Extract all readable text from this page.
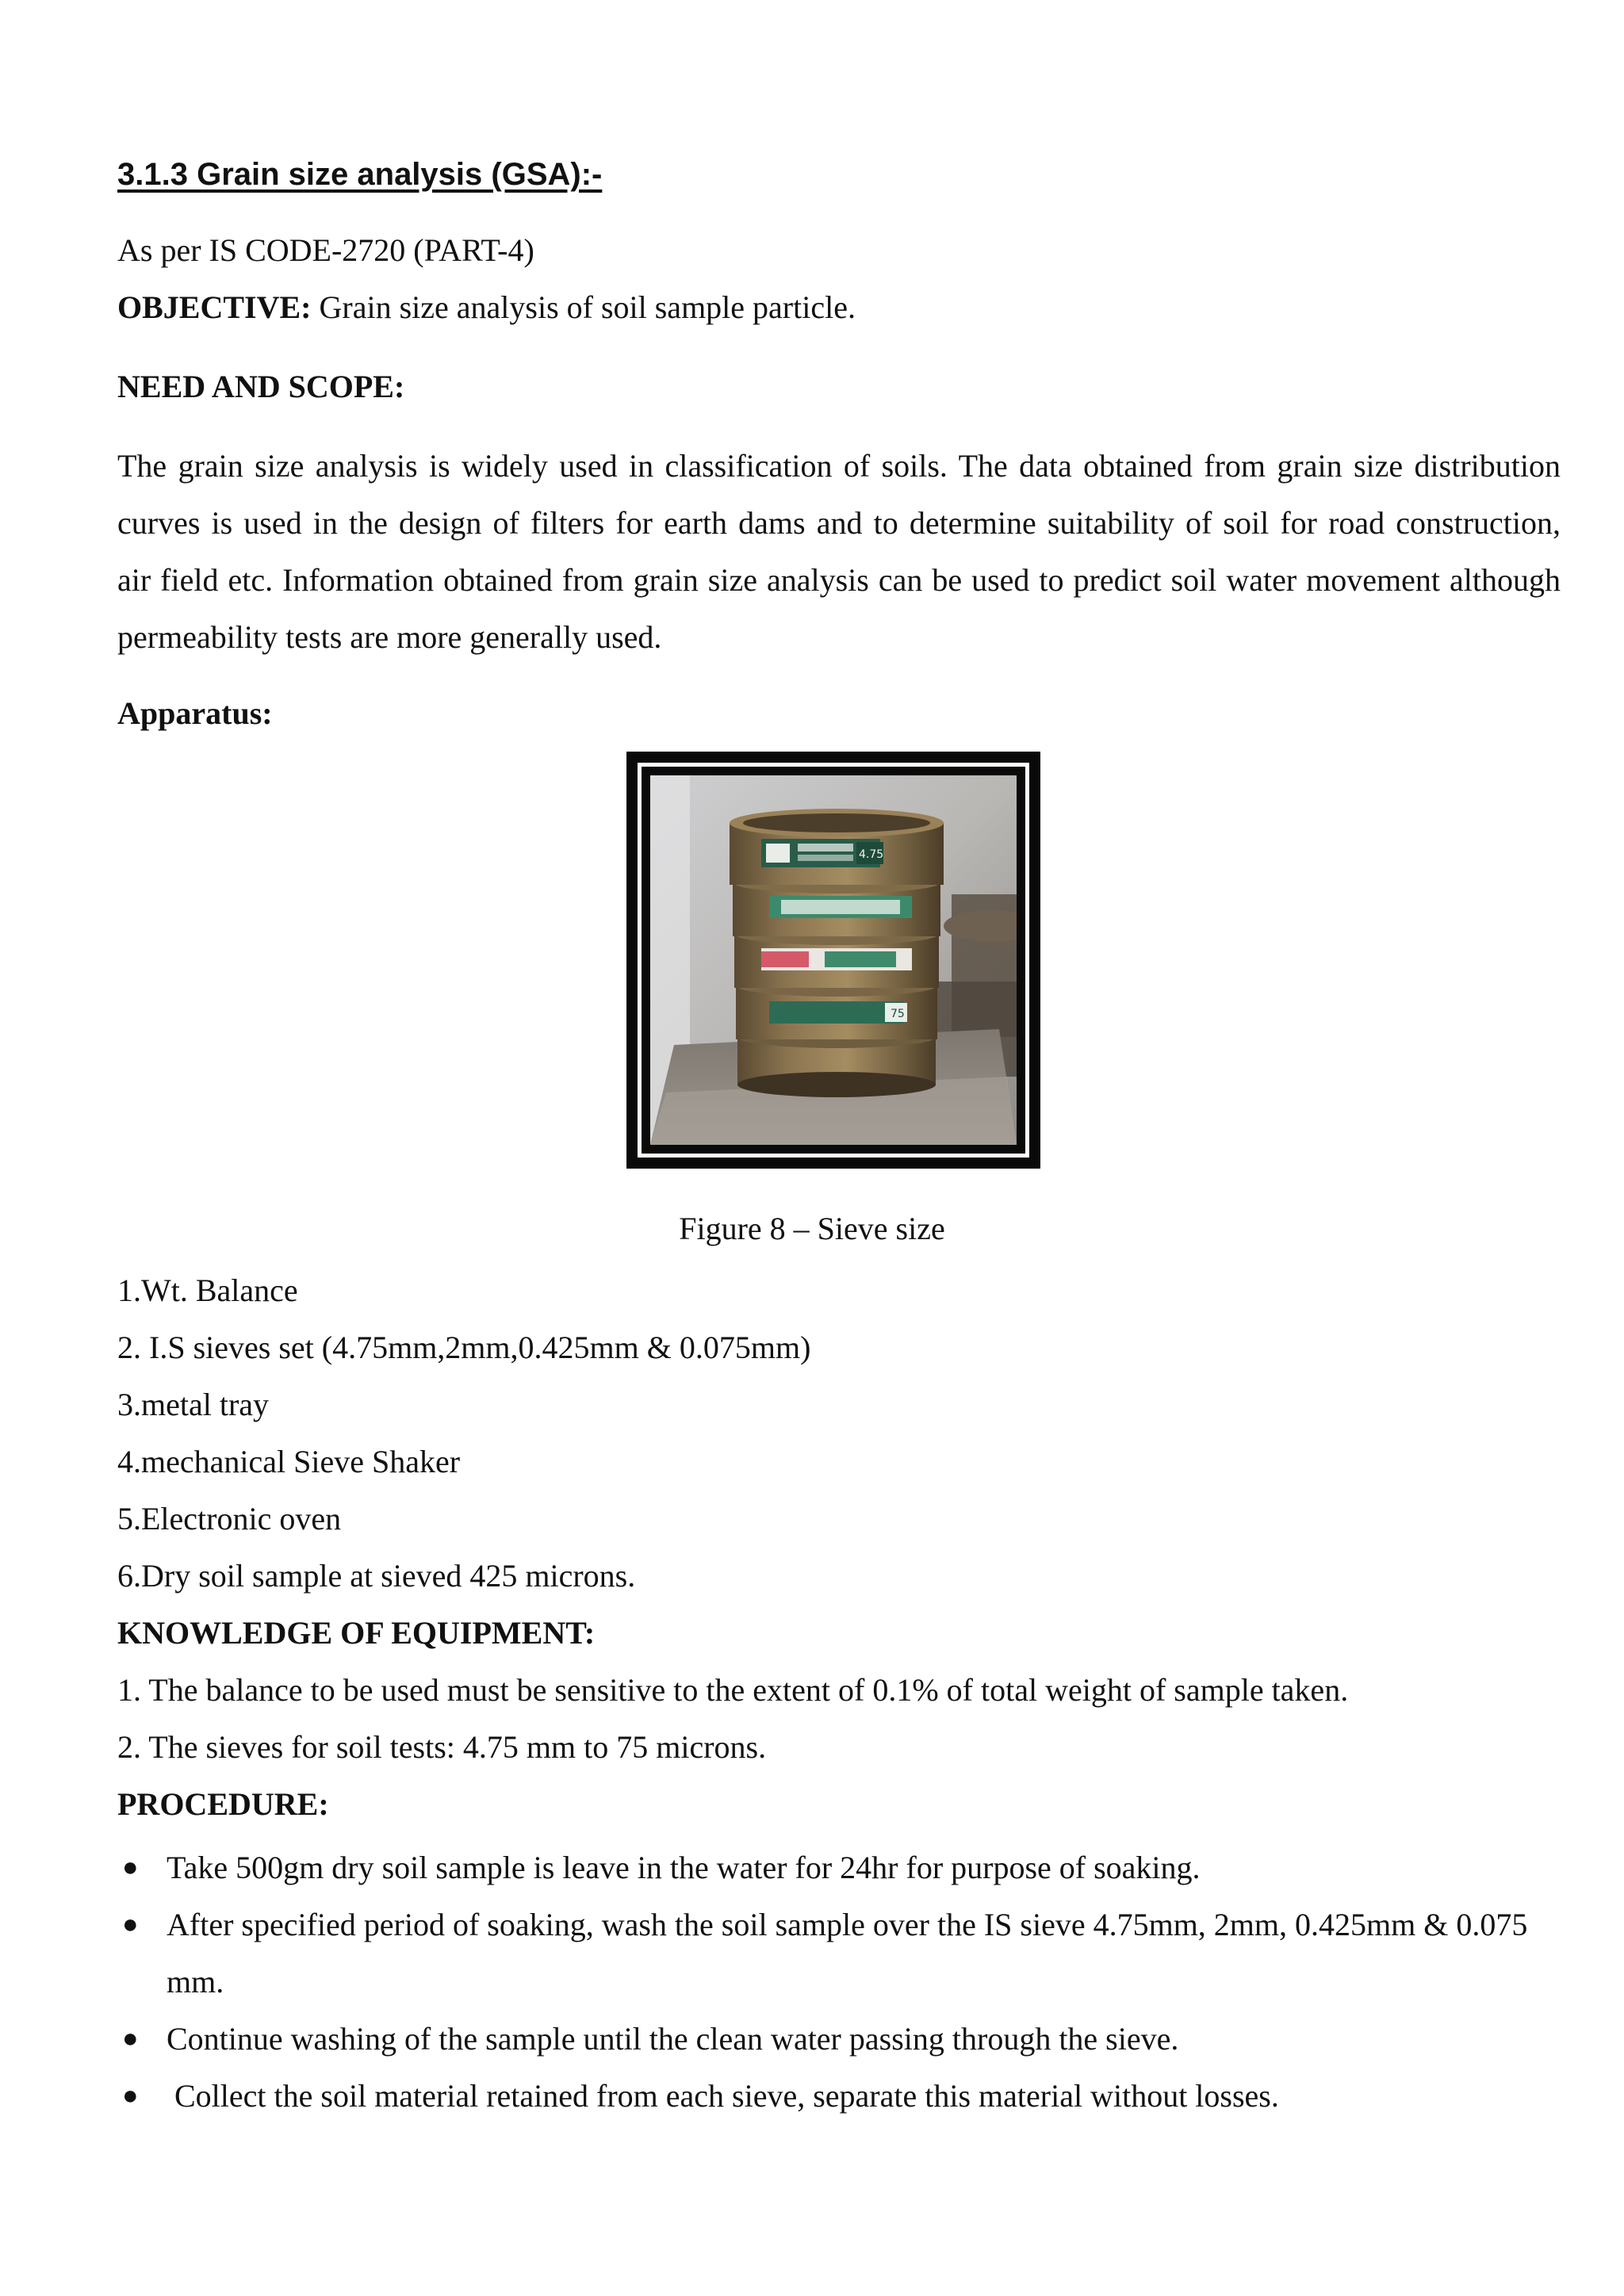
3.1.3 Grain size analysis (GSA):-
As per IS CODE-2720 (PART-4)
OBJECTIVE: Grain size analysis of soil sample particle.
NEED AND SCOPE:
The grain size analysis is widely used in classification of soils. The data obtained from grain size distribution
curves is used in the design of filters for earth dams and to determine suitability of soil for road construction,
air field etc. Information obtained from grain size analysis can be used to predict soil water movement although
permeability tests are more generally used.
Apparatus:
75
4.75
Figure 8 – Sieve size
1.Wt. Balance
2. I.S sieves set (4.75mm,2mm,0.425mm & 0.075mm)
3.metal tray
4.mechanical Sieve Shaker
5.Electronic oven
6.Dry soil sample at sieved 425 microns.
KNOWLEDGE OF EQUIPMENT:
1. The balance to be used must be sensitive to the extent of 0.1% of total weight of sample taken.
2. The sieves for soil tests: 4.75 mm to 75 microns.
PROCEDURE:
● Take 500gm dry soil sample is leave in the water for 24hr for purpose of soaking.
● After specified period of soaking, wash the soil sample over the IS sieve 4.75mm, 2mm, 0.425mm & 0.075
mm.
● Continue washing of the sample until the clean water passing through the sieve.
● Collect the soil material retained from each sieve, separate this material without losses.
